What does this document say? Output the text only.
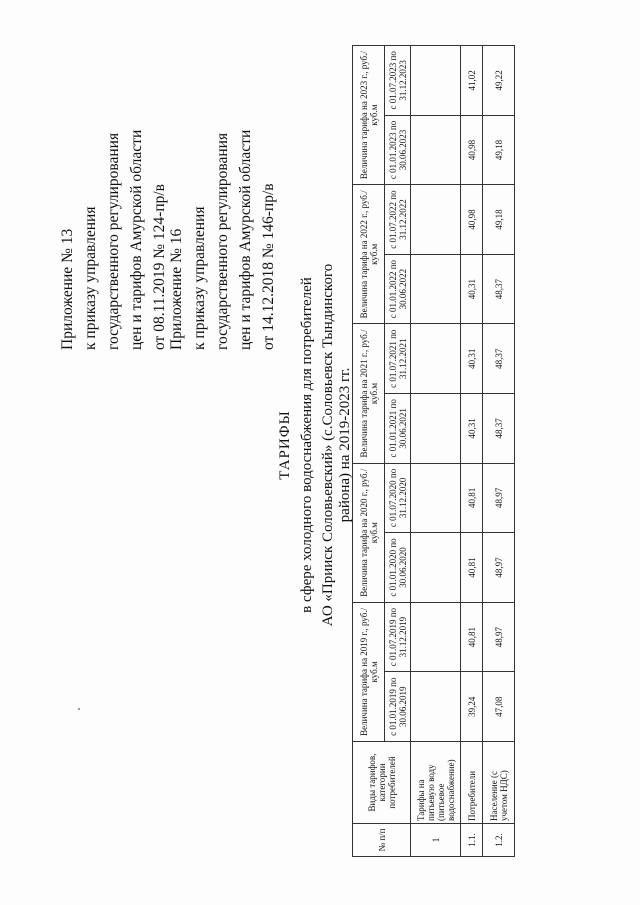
Приложение № 13 к приказу управления государственного регулирования цен и тарифов Амурской области от 08.11.2019 № 124-пр/в Приложение № 16 к приказу управления государственного регулирования цен и тарифов Амурской области от 14.12.2018 № 146-пр/в
ТАРИФЫ в сфере холодного водоснабжения для потребителей АО «Прииск Соловьевский» (с.Соловьевск Тындинского района) на 2019-2023 гг.
№ п/п	Виды тарифов, категории потребителей	Величина тарифа на 2019 г., руб./куб.м		Величина тарифа на 2020 г., руб./куб.м		Величина тарифа на 2021 г., руб./куб.м		Величина тарифа на 2022 г., руб./куб.м		Величина тарифа на 2023 г., руб./куб.м	
		с 01.01.2019 по 30.06.2019	с 01.07.2019 по 31.12.2019	с 01.01.2020 по 30.06.2020	с 01.07.2020 по 31.12.2020	с 01.01.2021 по 30.06.2021	с 01.07.2021 по 31.12.2021	с 01.01.2022 по 30.06.2022	с 01.07.2022 по 31.12.2022	с 01.01.2023 по 30.06.2023	с 01.07.2023 по 31.12.2023
1	Тарифы на питьевую воду (питьевое водоснабжение)										
1.1.	Потребители	39,24	40,81	40,81	40,81	40,31	40,31	40,31	40,98	40,98	41,02
1.2.	Население (с учетом НДС)	47,08	48,97	48,97	48,97	48,37	48,37	48,37	49,18	49,18	49,22
